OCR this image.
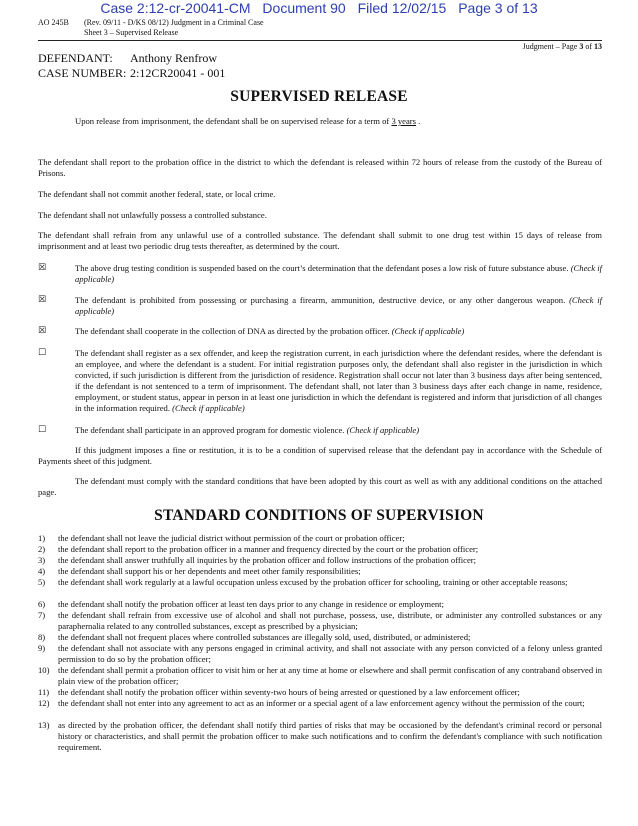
Case 2:12-cr-20041-CM Document 90 Filed 12/02/15 Page 3 of 13
AO 245B (Rev. 09/11 - D/KS 08/12) Judgment in a Criminal Case
Sheet 3 – Supervised Release
Judgment – Page 3 of 13
DEFENDANT: Anthony Renfrow
CASE NUMBER: 2:12CR20041 - 001
SUPERVISED RELEASE
Upon release from imprisonment, the defendant shall be on supervised release for a term of 3 years .
The defendant shall report to the probation office in the district to which the defendant is released within 72 hours of release from the custody of the Bureau of Prisons.
The defendant shall not commit another federal, state, or local crime.
The defendant shall not unlawfully possess a controlled substance.
The defendant shall refrain from any unlawful use of a controlled substance. The defendant shall submit to one drug test within 15 days of release from imprisonment and at least two periodic drug tests thereafter, as determined by the court.
☒	The above drug testing condition is suspended based on the court’s determination that the defendant poses a low risk of future substance abuse. (Check if applicable)
☒	The defendant is prohibited from possessing or purchasing a firearm, ammunition, destructive device, or any other dangerous weapon. (Check if applicable)
☒	The defendant shall cooperate in the collection of DNA as directed by the probation officer. (Check if applicable)
☐	The defendant shall register as a sex offender, and keep the registration current, in each jurisdiction where the defendant resides, where the defendant is an employee, and where the defendant is a student. For initial registration purposes only, the defendant shall also register in the jurisdiction in which convicted, if such jurisdiction is different from the jurisdiction of residence. Registration shall occur not later than 3 business days after being sentenced, if the defendant is not sentenced to a term of imprisonment. The defendant shall, not later than 3 business days after each change in name, residence, employment, or student status, appear in person in at least one jurisdiction in which the defendant is registered and inform that jurisdiction of all changes in the information required. (Check if applicable)
☐	The defendant shall participate in an approved program for domestic violence. (Check if applicable)
If this judgment imposes a fine or restitution, it is to be a condition of supervised release that the defendant pay in accordance with the Schedule of Payments sheet of this judgment.
The defendant must comply with the standard conditions that have been adopted by this court as well as with any additional conditions on the attached page.
STANDARD CONDITIONS OF SUPERVISION
1) the defendant shall not leave the judicial district without permission of the court or probation officer;
2) the defendant shall report to the probation officer in a manner and frequency directed by the court or the probation officer;
3) the defendant shall answer truthfully all inquiries by the probation officer and follow instructions of the probation officer;
4) the defendant shall support his or her dependents and meet other family responsibilities;
5) the defendant shall work regularly at a lawful occupation unless excused by the probation officer for schooling, training or other acceptable reasons;
6) the defendant shall notify the probation officer at least ten days prior to any change in residence or employment;
7) the defendant shall refrain from excessive use of alcohol and shall not purchase, possess, use, distribute, or administer any controlled substances or any paraphernalia related to any controlled substances, except as prescribed by a physician;
8) the defendant shall not frequent places where controlled substances are illegally sold, used, distributed, or administered;
9) the defendant shall not associate with any persons engaged in criminal activity, and shall not associate with any person convicted of a felony unless granted permission to do so by the probation officer;
10) the defendant shall permit a probation officer to visit him or her at any time at home or elsewhere and shall permit confiscation of any contraband observed in plain view of the probation officer;
11) the defendant shall notify the probation officer within seventy-two hours of being arrested or questioned by a law enforcement officer;
12) the defendant shall not enter into any agreement to act as an informer or a special agent of a law enforcement agency without the permission of the court;
13) as directed by the probation officer, the defendant shall notify third parties of risks that may be occasioned by the defendant's criminal record or personal history or characteristics, and shall permit the probation officer to make such notifications and to confirm the defendant's compliance with such notification requirement.
